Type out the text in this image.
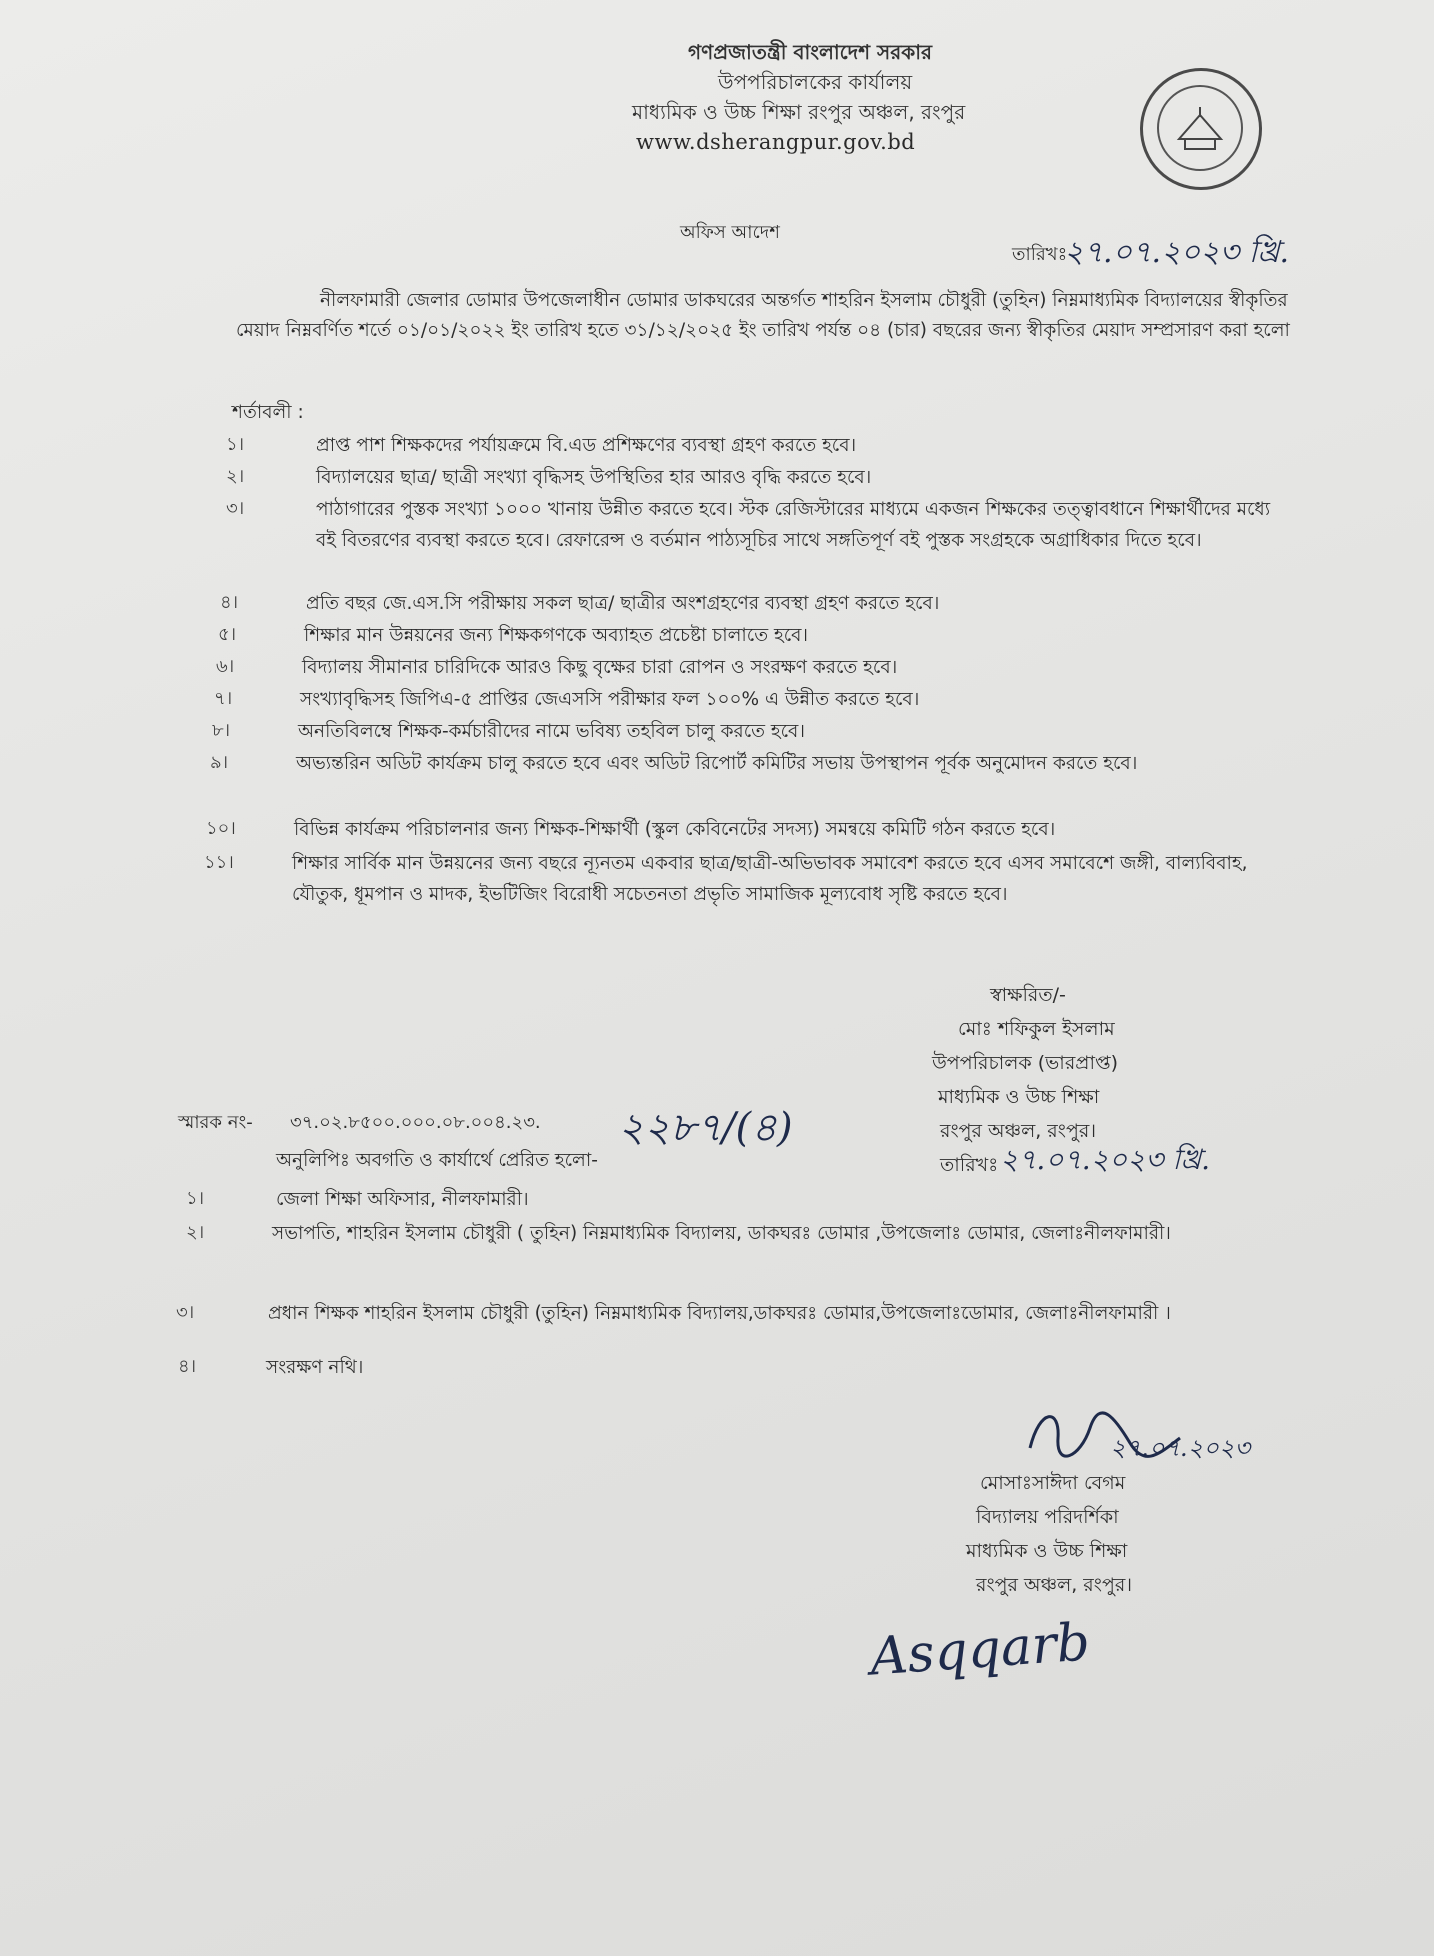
গণপ্রজাতন্ত্রী বাংলাদেশ সরকার
উপপরিচালকের কার্যালয়
মাধ্যমিক ও উচ্চ শিক্ষা রংপুর অঞ্চল, রংপুর
www.dsherangpur.gov.bd
অফিস আদেশ
তারিখঃ
২৭.০৭.২০২৩ খ্রি.
নীলফামারী জেলার ডোমার উপজেলাধীন ডোমার ডাকঘরের অন্তর্গত শাহরিন ইসলাম চৌধুরী (তুহিন) নিম্নমাধ্যমিক বিদ্যালয়ের স্বীকৃতির মেয়াদ নিম্নবর্ণিত শর্তে ০১/০১/২০২২ ইং তারিখ হতে ৩১/১২/২০২৫ ইং তারিখ পর্যন্ত ০৪ (চার) বছরের জন্য স্বীকৃতির মেয়াদ সম্প্রসারণ করা হলো
শর্তাবলী :
১।	প্রাপ্ত পাশ শিক্ষকদের পর্যায়ক্রমে বি.এড প্রশিক্ষণের ব্যবস্থা গ্রহণ করতে হবে।
২।	বিদ্যালয়ের ছাত্র/ ছাত্রী সংখ্যা বৃদ্ধিসহ উপস্থিতির হার আরও বৃদ্ধি করতে হবে।
৩।	পাঠাগারের পুস্তক সংখ্যা ১০০০ খানায় উন্নীত করতে হবে। স্টক রেজিস্টারের মাধ্যমে একজন শিক্ষকের তত্ত্বাবধানে শিক্ষার্থীদের মধ্যে বই বিতরণের ব্যবস্থা করতে হবে। রেফারেন্স ও বর্তমান পাঠ্যসূচির সাথে সঙ্গতিপূর্ণ বই পুস্তক সংগ্রহকে অগ্রাধিকার দিতে হবে।
৪।	প্রতি বছর জে.এস.সি পরীক্ষায় সকল ছাত্র/ ছাত্রীর অংশগ্রহণের ব্যবস্থা গ্রহণ করতে হবে।
৫।	শিক্ষার মান উন্নয়নের জন্য শিক্ষকগণকে অব্যাহত প্রচেষ্টা চালাতে হবে।
৬।	বিদ্যালয় সীমানার চারিদিকে আরও কিছু বৃক্ষের চারা রোপন ও সংরক্ষণ করতে হবে।
৭।	সংখ্যাবৃদ্ধিসহ জিপিএ-৫ প্রাপ্তির জেএসসি পরীক্ষার ফল ১০০% এ উন্নীত করতে হবে।
৮।	অনতিবিলম্বে শিক্ষক-কর্মচারীদের নামে ভবিষ্য তহবিল চালু করতে হবে।
৯।	অভ্যন্তরিন অডিট কার্যক্রম চালু করতে হবে এবং অডিট রিপোর্ট কমিটির সভায় উপস্থাপন পূর্বক অনুমোদন করতে হবে।
১০।	বিভিন্ন কার্যক্রম পরিচালনার জন্য শিক্ষক-শিক্ষার্থী (স্কুল কেবিনেটের সদস্য) সমন্বয়ে কমিটি গঠন করতে হবে।
১১।	শিক্ষার সার্বিক মান উন্নয়নের জন্য বছরে ন্যূনতম একবার ছাত্র/ছাত্রী-অভিভাবক সমাবেশ করতে হবে এসব সমাবেশে জঙ্গী, বাল্যবিবাহ, যৌতুক, ধূমপান ও মাদক, ইভটিজিং বিরোধী সচেতনতা প্রভৃতি সামাজিক মূল্যবোধ সৃষ্টি করতে হবে।
স্বাক্ষরিত/-
মোঃ শফিকুল ইসলাম
উপপরিচালক (ভারপ্রাপ্ত)
মাধ্যমিক ও উচ্চ শিক্ষা
রংপুর অঞ্চল, রংপুর।
তারিখঃ ২৭.০৭.২০২৩ খ্রি.
স্মারক নং- ৩৭.০২.৮৫০০.০০০.০৮.০০৪.২৩. ২২৮৭/(৪)
অনুলিপিঃ অবগতি ও কার্যার্থে প্রেরিত হলো-
১।	জেলা শিক্ষা অফিসার, নীলফামারী।
২।	সভাপতি, শাহরিন ইসলাম চৌধুরী ( তুহিন) নিম্নমাধ্যমিক বিদ্যালয়, ডাকঘরঃ ডোমার ,উপজেলাঃ ডোমার, জেলাঃনীলফামারী।
৩।	প্রধান শিক্ষক শাহরিন ইসলাম চৌধুরী (তুহিন) নিম্নমাধ্যমিক বিদ্যালয়,ডাকঘরঃ ডোমার,উপজেলাঃডোমার, জেলাঃনীলফামারী ।
৪।	সংরক্ষণ নথি।
২৭.০৭.২০২৩
মোসাঃসাঈদা বেগম
বিদ্যালয় পরিদর্শিকা
মাধ্যমিক ও উচ্চ শিক্ষা
রংপুর অঞ্চল, রংপুর।
Asqqarb
